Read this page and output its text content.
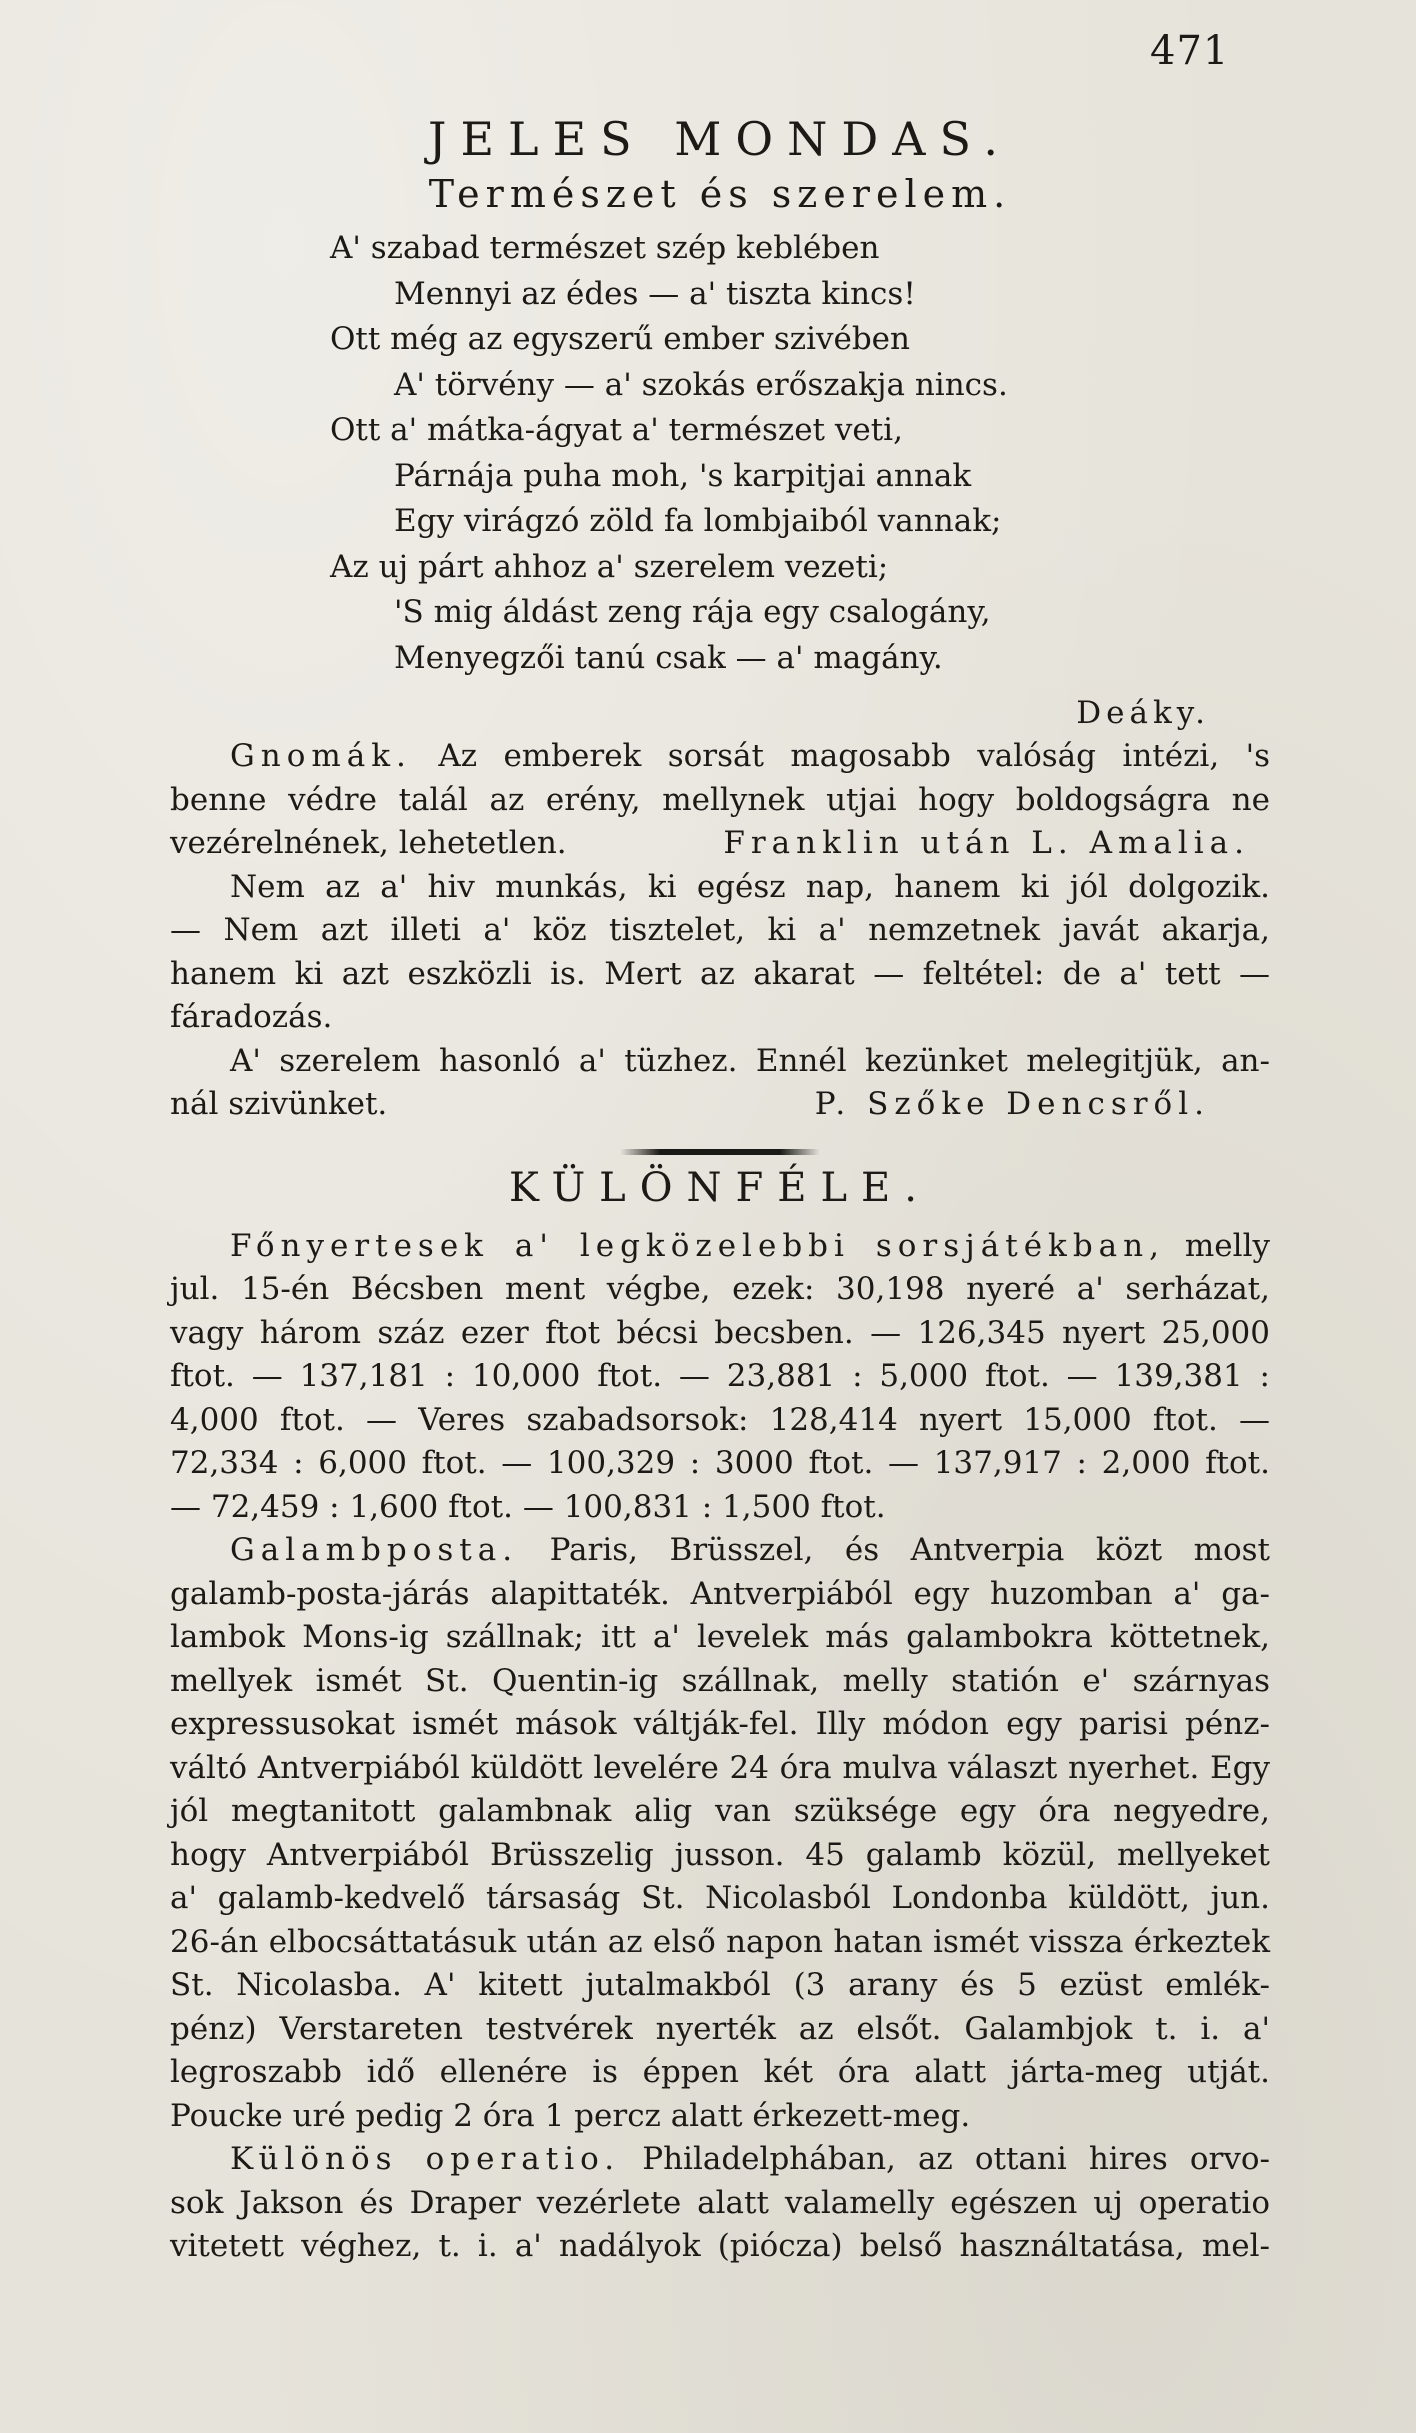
471
JELES MONDAS.
Természet és szerelem.
A' szabad természet szép keblében
Mennyi az édes — a' tiszta kincs!
Ott még az egyszerű ember szivében
A' törvény — a' szokás erőszakja nincs.
Ott a' mátka-ágyat a' természet veti,
Párnája puha moh, 's karpitjai annak
Egy virágzó zöld fa lombjaiból vannak;
Az uj párt ahhoz a' szerelem vezeti;
'S mig áldást zeng rája egy csalogány,
Menyegzői tanú csak — a' magány.
Deáky.
Gnomák. Az emberek sorsát magosabb valóság intézi, 's
benne védre talál az erény, mellynek utjai hogy boldogságra ne
vezérelnének, lehetetlen.	Franklin után L. Amalia.
Nem az a' hiv munkás, ki egész nap, hanem ki jól dolgozik.
— Nem azt illeti a' köz tisztelet, ki a' nemzetnek javát akarja,
hanem ki azt eszközli is. Mert az akarat — feltétel: de a' tett —
fáradozás.
A' szerelem hasonló a' tüzhez. Ennél kezünket melegitjük, an-
nál szivünket.	P. Szőke Dencsről.
KÜLÖNFÉLE.
Főnyertesek a' legközelebbi sorsjátékban, melly
jul. 15-én Bécsben ment végbe, ezek: 30,198 nyeré a' serházat,
vagy három száz ezer ftot bécsi becsben. — 126,345 nyert 25,000
ftot. — 137,181 : 10,000 ftot. — 23,881 : 5,000 ftot. — 139,381 :
4,000 ftot. — Veres szabadsorsok: 128,414 nyert 15,000 ftot. —
72,334 : 6,000 ftot. — 100,329 : 3000 ftot. — 137,917 : 2,000 ftot.
— 72,459 : 1,600 ftot. — 100,831 : 1,500 ftot.
Galambposta. Paris, Brüsszel, és Antverpia közt most
galamb-posta-járás alapittaték. Antverpiából egy huzomban a' ga-
lambok Mons-ig szállnak; itt a' levelek más galambokra köttetnek,
mellyek ismét St. Quentin-ig szállnak, melly statión e' szárnyas
expressusokat ismét mások váltják-fel. Illy módon egy parisi pénz-
váltó Antverpiából küldött levelére 24 óra mulva választ nyerhet. Egy
jól megtanitott galambnak alig van szüksége egy óra negyedre,
hogy Antverpiából Brüsszelig jusson. 45 galamb közül, mellyeket
a' galamb-kedvelő társaság St. Nicolasból Londonba küldött, jun.
26-án elbocsáttatásuk után az első napon hatan ismét vissza érkeztek
St. Nicolasba. A' kitett jutalmakból (3 arany és 5 ezüst emlék-
pénz) Verstareten testvérek nyerték az elsőt. Galambjok t. i. a'
legroszabb idő ellenére is éppen két óra alatt járta-meg utját.
Poucke uré pedig 2 óra 1 percz alatt érkezett-meg.
Különös operatio. Philadelphában, az ottani hires orvo-
sok Jakson és Draper vezérlete alatt valamelly egészen uj operatio
vitetett véghez, t. i. a' nadályok (piócza) belső használtatása, mel-
